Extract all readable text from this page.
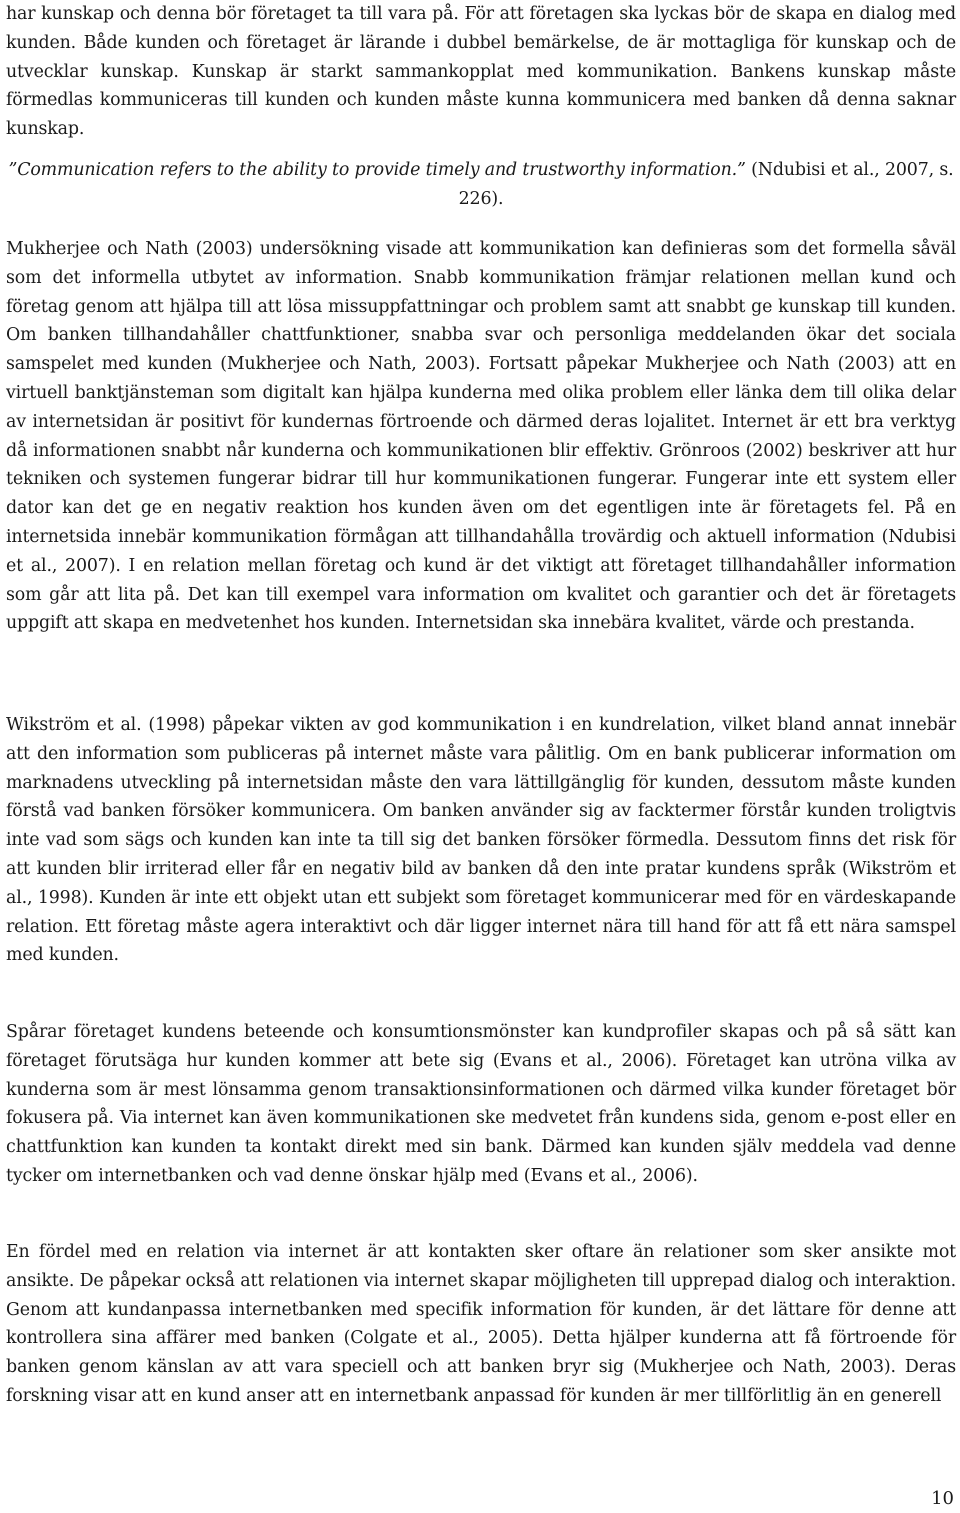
har kunskap och denna bör företaget ta till vara på. För att företagen ska lyckas bör de skapa en dialog med kunden. Både kunden och företaget är lärande i dubbel bemärkelse, de är mottagliga för kunskap och de utvecklar kunskap. Kunskap är starkt sammankopplat med kommunikation. Bankens kunskap måste förmedlas kommuniceras till kunden och kunden måste kunna kommunicera med banken då denna saknar kunskap.

”Communication refers to the ability to provide timely and trustworthy information.” (Ndubisi et al., 2007, s. 226).

Mukherjee och Nath (2003) undersökning visade att kommunikation kan definieras som det formella såväl som det informella utbytet av information. Snabb kommunikation främjar relationen mellan kund och företag genom att hjälpa till att lösa missuppfattningar och problem samt att snabbt ge kunskap till kunden. Om banken tillhandahåller chattfunktioner, snabba svar och personliga meddelanden ökar det sociala samspelet med kunden (Mukherjee och Nath, 2003). Fortsatt påpekar Mukherjee och Nath (2003) att en virtuell banktjänsteman som digitalt kan hjälpa kunderna med olika problem eller länka dem till olika delar av internetsidan är positivt för kundernas förtroende och därmed deras lojalitet. Internet är ett bra verktyg då informationen snabbt når kunderna och kommunikationen blir effektiv. Grönroos (2002) beskriver att hur tekniken och systemen fungerar bidrar till hur kommunikationen fungerar. Fungerar inte ett system eller dator kan det ge en negativ reaktion hos kunden även om det egentligen inte är företagets fel. På en internetsida innebär kommunikation förmågan att tillhandahålla trovärdig och aktuell information (Ndubisi et al., 2007). I en relation mellan företag och kund är det viktigt att företaget tillhandahåller information som går att lita på. Det kan till exempel vara information om kvalitet och garantier och det är företagets uppgift att skapa en medvetenhet hos kunden. Internetsidan ska innebära kvalitet, värde och prestanda.

Wikström et al. (1998) påpekar vikten av god kommunikation i en kundrelation, vilket bland annat innebär att den information som publiceras på internet måste vara pålitlig. Om en bank publicerar information om marknadens utveckling på internetsidan måste den vara lättillgänglig för kunden, dessutom måste kunden förstå vad banken försöker kommunicera. Om banken använder sig av facktermer förstår kunden troligtvis inte vad som sägs och kunden kan inte ta till sig det banken försöker förmedla. Dessutom finns det risk för att kunden blir irriterad eller får en negativ bild av banken då den inte pratar kundens språk (Wikström et al., 1998). Kunden är inte ett objekt utan ett subjekt som företaget kommunicerar med för en värdeskapande relation. Ett företag måste agera interaktivt och där ligger internet nära till hand för att få ett nära samspel med kunden.

Spårar företaget kundens beteende och konsumtionsmönster kan kundprofiler skapas och på så sätt kan företaget förutsäga hur kunden kommer att bete sig (Evans et al., 2006). Företaget kan utröna vilka av kunderna som är mest lönsamma genom transaktionsinformationen och därmed vilka kunder företaget bör fokusera på. Via internet kan även kommunikationen ske medvetet från kundens sida, genom e-post eller en chattfunktion kan kunden ta kontakt direkt med sin bank. Därmed kan kunden själv meddela vad denne tycker om internetbanken och vad denne önskar hjälp med (Evans et al., 2006).

En fördel med en relation via internet är att kontakten sker oftare än relationer som sker ansikte mot ansikte. De påpekar också att relationen via internet skapar möjligheten till upprepad dialog och interaktion. Genom att kundanpassa internetbanken med specifik information för kunden, är det lättare för denne att kontrollera sina affärer med banken (Colgate et al., 2005). Detta hjälper kunderna att få förtroende för banken genom känslan av att vara speciell och att banken bryr sig (Mukherjee och Nath, 2003). Deras forskning visar att en kund anser att en internetbank anpassad för kunden är mer tillförlitlig än en generell

10
